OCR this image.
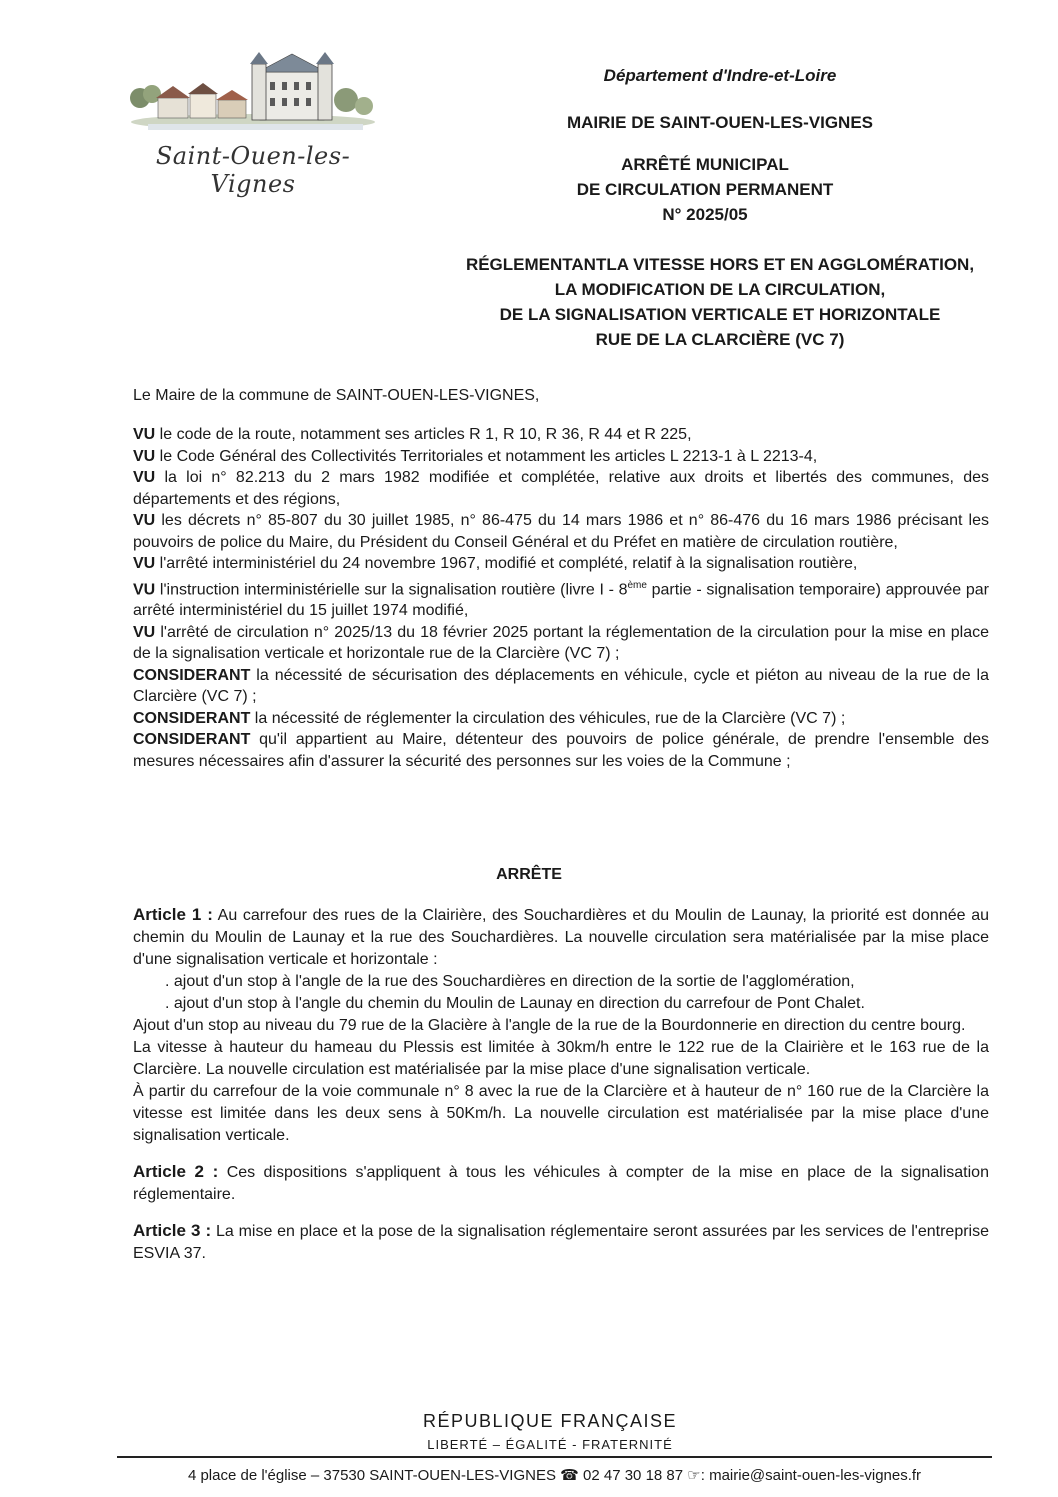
Saint-Ouen-les-Vignes
Département d'Indre-et-Loire
MAIRIE DE SAINT-OUEN-LES-VIGNES
ARRÊTÉ MUNICIPAL
DE CIRCULATION PERMANENT
N° 2025/05
RÉGLEMENTANTLA VITESSE HORS ET EN AGGLOMÉRATION,
LA MODIFICATION DE LA CIRCULATION,
DE LA SIGNALISATION VERTICALE ET HORIZONTALE
RUE DE LA CLARCIÈRE (VC 7)
Le Maire de la commune de SAINT-OUEN-LES-VIGNES,

VU le code de la route, notamment ses articles R 1, R 10, R 36, R 44 et R 225,

VU le Code Général des Collectivités Territoriales et notamment les articles L 2213-1 à L 2213-4,

VU la loi n° 82.213 du 2 mars 1982 modifiée et complétée, relative aux droits et libertés des communes, des départements et des régions,

VU les décrets n° 85-807 du 30 juillet 1985, n° 86-475 du 14 mars 1986 et n° 86-476 du 16 mars 1986 précisant les pouvoirs de police du Maire, du Président du Conseil Général et du Préfet en matière de circulation routière,

VU l'arrêté interministériel du 24 novembre 1967, modifié et complété, relatif à la signalisation routière,

VU l'instruction interministérielle sur la signalisation routière (livre I - 8ème partie - signalisation temporaire) approuvée par arrêté interministériel du 15 juillet 1974 modifié,

VU l'arrêté de circulation n° 2025/13 du 18 février 2025 portant la réglementation de la circulation pour la mise en place de la signalisation verticale et horizontale rue de la Clarcière (VC 7) ;

CONSIDERANT la nécessité de sécurisation des déplacements en véhicule, cycle et piéton au niveau de la rue de la Clarcière (VC 7) ;

CONSIDERANT la nécessité de réglementer la circulation des véhicules, rue de la Clarcière (VC 7) ;

CONSIDERANT qu'il appartient au Maire, détenteur des pouvoirs de police générale, de prendre l'ensemble des mesures nécessaires afin d'assurer la sécurité des personnes sur les voies de la Commune ;

ARRÊTE

Article 1 : Au carrefour des rues de la Clairière, des Souchardières et du Moulin de Launay, la priorité est donnée au chemin du Moulin de Launay et la rue des Souchardières. La nouvelle circulation sera matérialisée par la mise place d'une signalisation verticale et horizontale :

. ajout d'un stop à l'angle de la rue des Souchardières en direction de la sortie de l'agglomération,

. ajout d'un stop à l'angle du chemin du Moulin de Launay en direction du carrefour de Pont Chalet.

Ajout d'un stop au niveau du 79 rue de la Glacière à l'angle de la rue de la Bourdonnerie en direction du centre bourg.

La vitesse à hauteur du hameau du Plessis est limitée à 30km/h entre le 122 rue de la Clairière et le 163 rue de la Clarcière. La nouvelle circulation est matérialisée par la mise place d'une signalisation verticale.

À partir du carrefour de la voie communale n° 8 avec la rue de la Clarcière et à hauteur de n° 160 rue de la Clarcière la vitesse est limitée dans les deux sens à 50Km/h. La nouvelle circulation est matérialisée par la mise place d'une signalisation verticale.

Article 2 : Ces dispositions s'appliquent à tous les véhicules à compter de la mise en place de la signalisation réglementaire.

Article 3 : La mise en place et la pose de la signalisation réglementaire seront assurées par les services de l'entreprise ESVIA 37.

RÉPUBLIQUE FRANÇAISE
LIBERTÉ – ÉGALITÉ - FRATERNITÉ
4 place de l'église – 37530 SAINT-OUEN-LES-VIGNES ☎ 02 47 30 18 87 ☞: mairie@saint-ouen-les-vignes.fr
